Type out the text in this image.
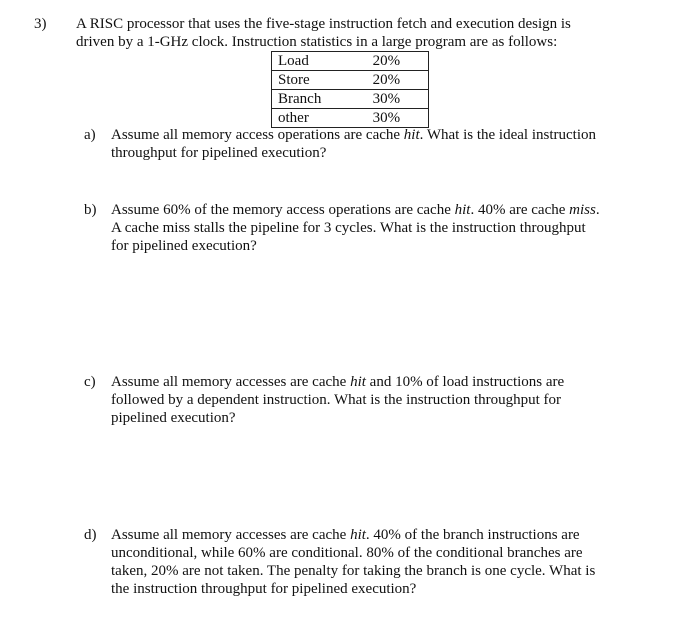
3) A RISC processor that uses the five-stage instruction fetch and execution design is
driven by a 1-GHz clock. Instruction statistics in a large program are as follows:
Load	20%
Store	20%
Branch	30%
other	30%
a) Assume all memory access operations are cache hit. What is the ideal instruction
throughput for pipelined execution?
b) Assume 60% of the memory access operations are cache hit. 40% are cache miss.
A cache miss stalls the pipeline for 3 cycles. What is the instruction throughput
for pipelined execution?
c) Assume all memory accesses are cache hit and 10% of load instructions are
followed by a dependent instruction. What is the instruction throughput for
pipelined execution?
d) Assume all memory accesses are cache hit. 40% of the branch instructions are
unconditional, while 60% are conditional. 80% of the conditional branches are
taken, 20% are not taken. The penalty for taking the branch is one cycle. What is
the instruction throughput for pipelined execution?
